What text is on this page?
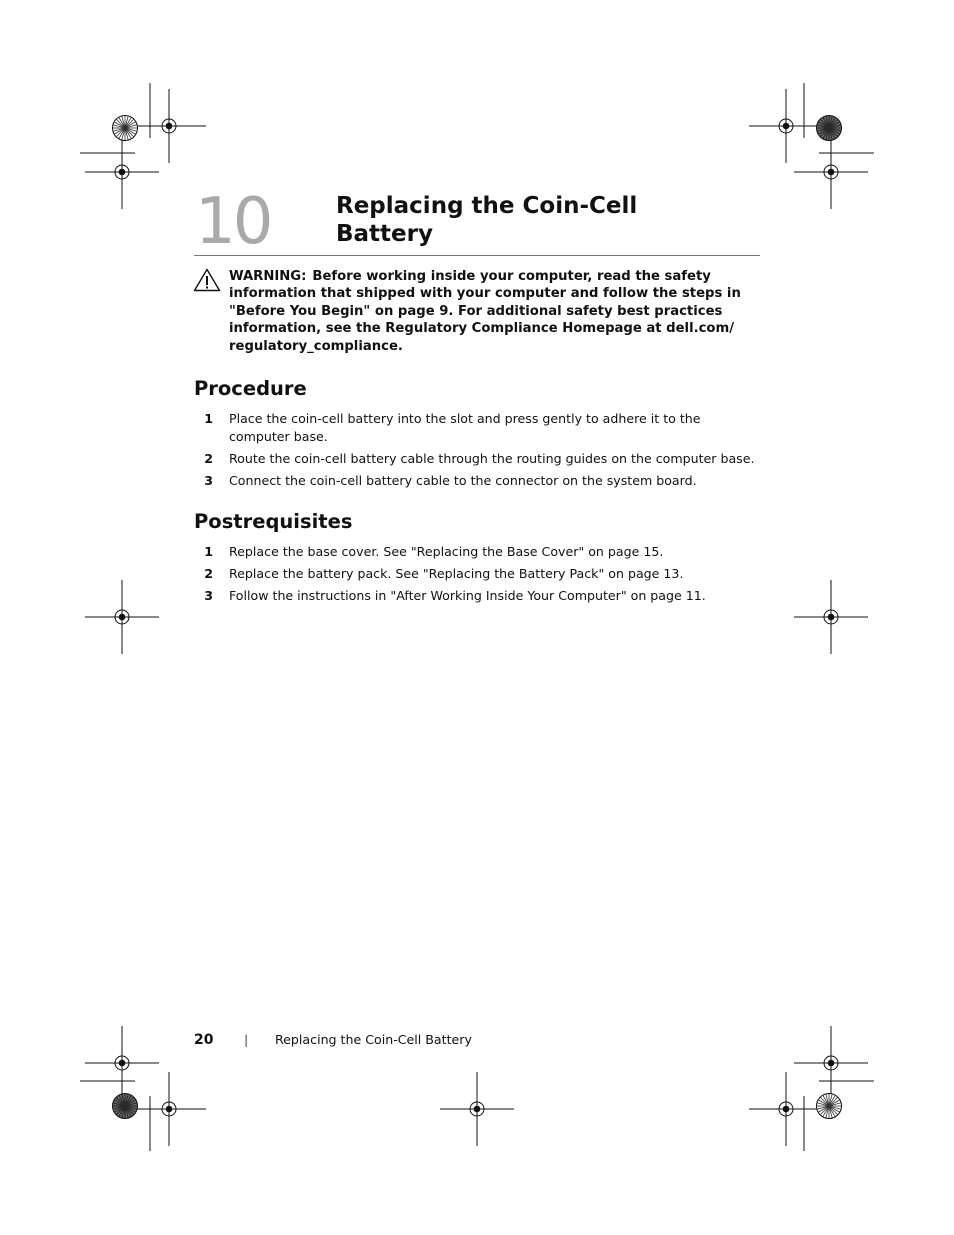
10	Replacing the Coin-Cell
Battery

WARNING: Before working inside your computer, read the safety information that shipped with your computer and follow the steps in "Before You Begin" on page 9. For additional safety best practices information, see the Regulatory Compliance Homepage at dell.com/ regulatory_compliance.

Procedure
1 Place the coin-cell battery into the slot and press gently to adhere it to the computer base.
2 Route the coin-cell battery cable through the routing guides on the computer base.
3 Connect the coin-cell battery cable to the connector on the system board.
Postrequisites
1 Replace the base cover. See "Replacing the Base Cover" on page 15.
2 Replace the battery pack. See "Replacing the Battery Pack" on page 13.
3 Follow the instructions in "After Working Inside Your Computer" on page 11.
20 | Replacing the Coin-Cell Battery
